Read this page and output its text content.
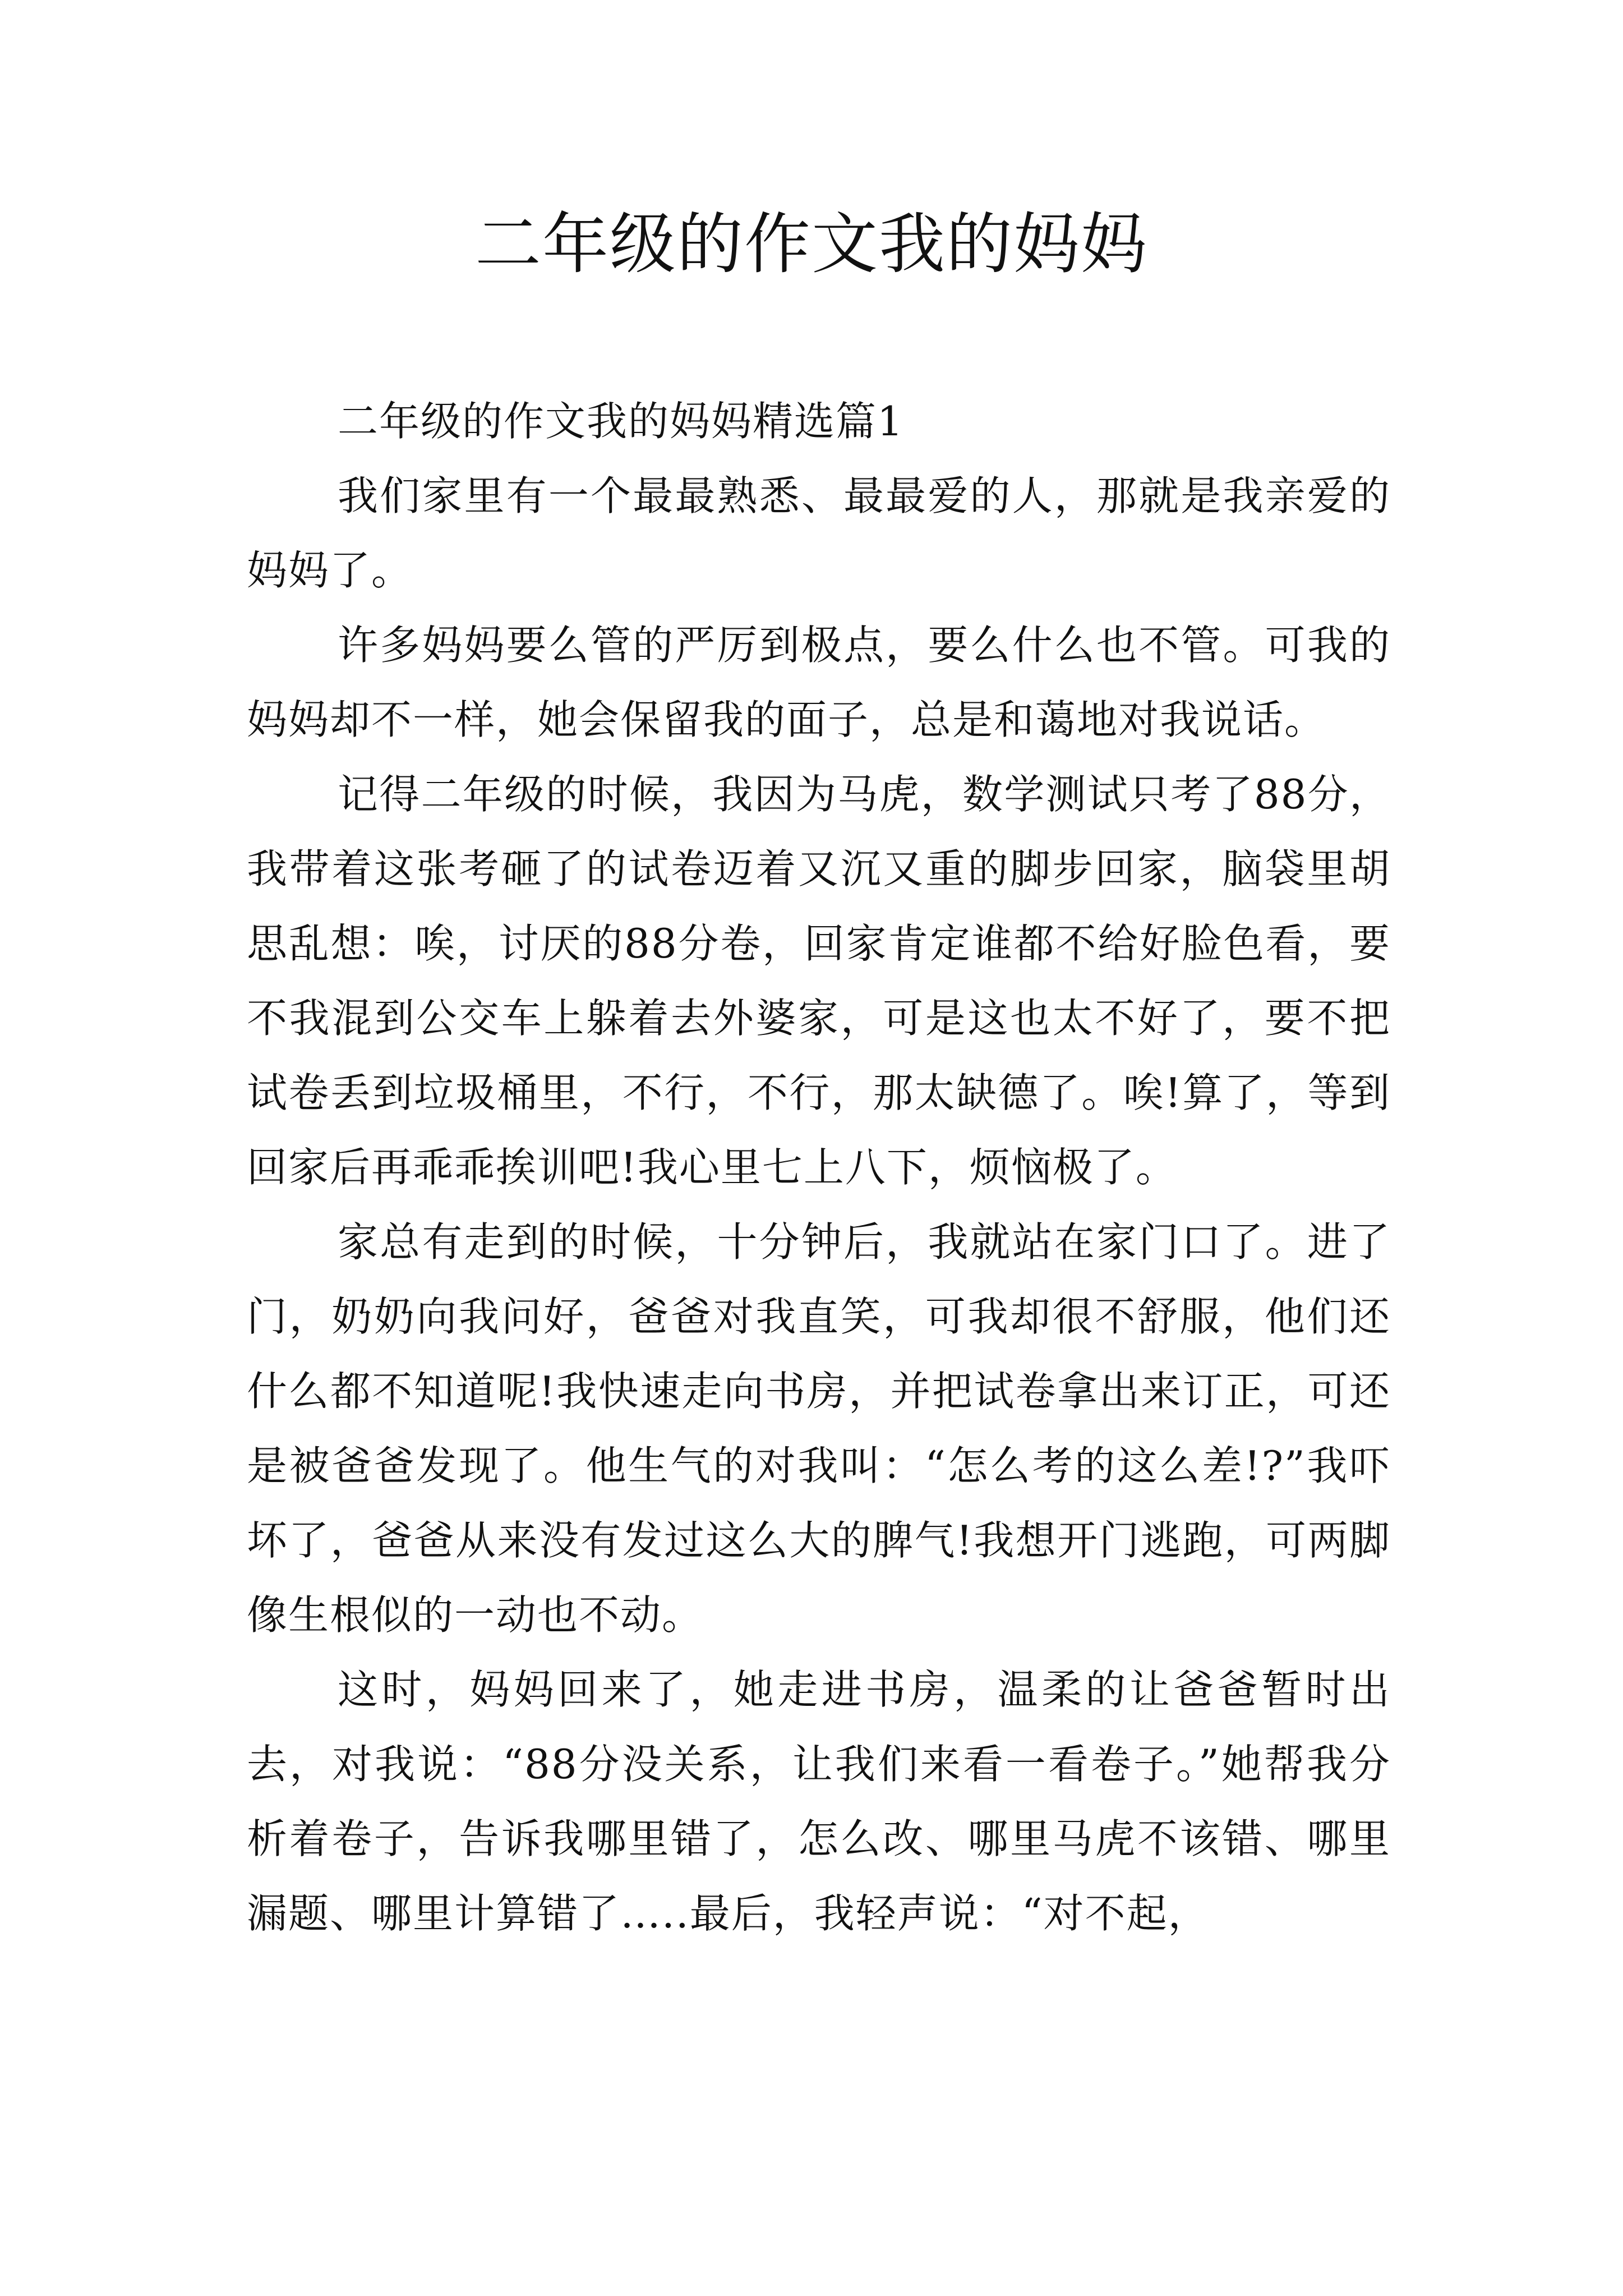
二年级的作文我的妈妈

二年级的作文我的妈妈精选篇1

我们家里有一个最最熟悉、最最爱的人，那就是我亲爱的妈妈了。

许多妈妈要么管的严厉到极点，要么什么也不管。可我的妈妈却不一样，她会保留我的面子，总是和蔼地对我说话。

记得二年级的时候，我因为马虎，数学测试只考了88分，我带着这张考砸了的试卷迈着又沉又重的脚步回家，脑袋里胡思乱想：唉，讨厌的88分卷，回家肯定谁都不给好脸色看，要不我混到公交车上躲着去外婆家，可是这也太不好了，要不把试卷丢到垃圾桶里，不行，不行，那太缺德了。唉!算了，等到回家后再乖乖挨训吧!我心里七上八下，烦恼极了。

家总有走到的时候，十分钟后，我就站在家门口了。进了门，奶奶向我问好，爸爸对我直笑，可我却很不舒服，他们还什么都不知道呢!我快速走向书房，并把试卷拿出来订正，可还是被爸爸发现了。他生气的对我叫：“怎么考的这么差!?”我吓坏了，爸爸从来没有发过这么大的脾气!我想开门逃跑，可两脚像生根似的一动也不动。

这时，妈妈回来了，她走进书房，温柔的让爸爸暂时出去，对我说：“88分没关系，让我们来看一看卷子。”她帮我分析着卷子，告诉我哪里错了，怎么改、哪里马虎不该错、哪里漏题、哪里计算错了…..最后，我轻声说：“对不起，
